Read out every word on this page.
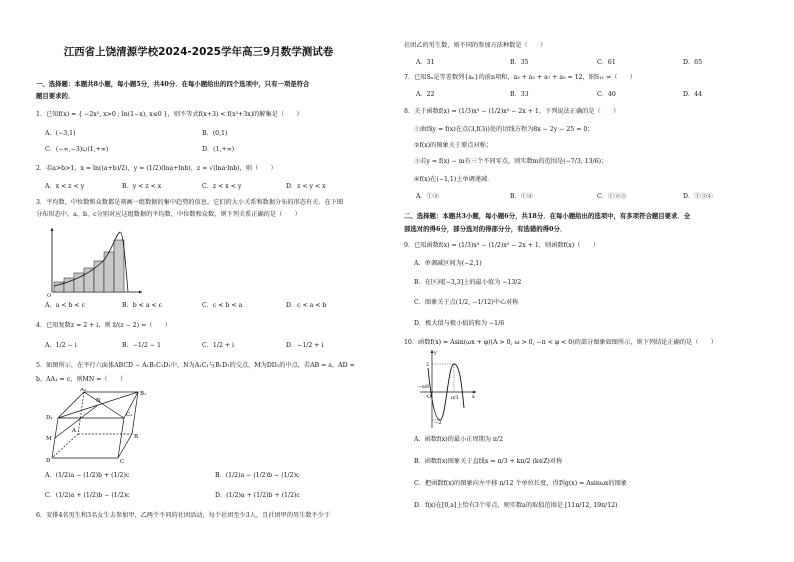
江西省上饶清源学校2024-2025学年高三9月数学测试卷
一、选择题：本题共8小题，每小题5分，共40分．在每小题给出的四个选项中，只有一项是符合
题目要求的．
1．已知f(x) = { −2x², x>0 ; ln(1−x), x≤0 }，则不等式f(x+3) < f(x²+3x)的解集是（　　）
A．(−3,1)	B．(0,1)
C．(−∞,−3)∪(1,+∞)	D．(1,+∞)
2．若a>b>1，x = ln((a+b)/2)，y = (1/2)(lna+lnb)，z = √(lna·lnb)，则（　　）
A．x < z < y	B．y < z < x	C．z < x < y	D．z < y < x
3．平均数、中位数和众数都是刻画一组数据的集中趋势的信息，它们的大小关系和数据分布的形态有关．在下图
分布形态中，a、b、c分别对应这组数据的平均数、中位数和众数，则下列关系正确的是（　　）
O
A．a < b < c	B．b < a < c	C．c < b < a	D．c < a < b
4．已知复数z = 2 + i，则 z̄/(z − 2) =（　　）
A．1/2 − i	B．−1/2 − 1	C．1/2 + i	D．−1/2 + i
5．如图所示，在平行六面体ABCD − A₁B₁C₁D₁中，N为A₁C₁与B₁D₁的交点，M为DD₁的中点，若AB = a，AD =
b，AA₁ = c，则MN =（　　）
A₁
B₁
D₁	C₁
N
M
A
B
D	C
A．(1/2)a − (1/2)b + (1/2)c	B．(1/2)a − (1/2)b − (1/2)c
C．(1/2)a + (1/2)b − (1/2)c	D．(1/2)a + (1/2)b + (1/2)c
6．安排4名男生和3名女生去参加甲、乙两个不同的社团活动，每个社团至少3人，且社团甲的男生数不少于
社团乙的男生数，则不同的参加方法种数是（　　）
A．31	B．35	C．61	D．65
7．已知Sₙ是等差数列{aₙ}的前n项和，a₃ + a₅ + a₇ + a₉ = 12，则S₁₁ =（　　）
A．22	B．33	C．40	D．44
8．关于函数f(x) = (1/3)x³ − (1/2)x² − 2x + 1，下列说法正确的是（　　）
①曲线y = f(x)在点(3,f(3))处的切线方程为8x − 2y − 25 = 0；
②f(x)的图象关于原点对称；
③若y = f(x) − m有三个不同零点，则实数m的范围是(−7/3, 13/6)；
④f(x)在(−1,1)上单调递减．
A．①②	B．①④	C．①②③	D．①③④
二、选择题：本题共3小题，每小题6分，共18分．在每小题给出的选项中，有多项符合题目要求．全
部选对的得6分，部分选对的得部分分，有选错的得0分．
9．已知函数f(x) = (1/3)x³ − (1/2)x² − 2x + 1，则函数f(x)（　　）
A．单调减区间为(−2,1)
B．在区间[−3,3]上的最小值为 −13/2
C．图象关于点(1/2, −1/12)中心对称
D．极大值与极小值的和为 −1/6
10．函数f(x) = Asin(ωx + φ)(A > 0, ω > 0, −π < φ < 0)的部分图象如图所示，则下列结论正确的是（　　）
2
−2
x
y
O
−π/6
π/3
A．函数f(x)的最小正周期为 π/2
B．函数f(x)图象关于直线x = π/3 + kπ/2 (k∈Z)对称
C．把函数f(x)的图象向左平移 π/12 个单位长度，得到g(x) = Asinωx的图象
D．f(x)在[0,a]上恰有3个零点，则实数a的取值范围是 [11π/12, 19π/12)
